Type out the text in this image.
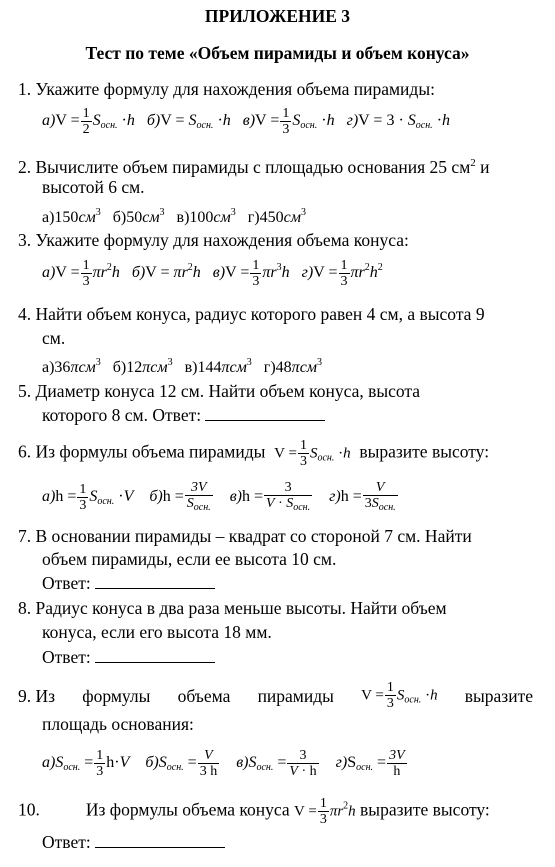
ПРИЛОЖЕНИЕ 3
Тест по теме «Объем пирамиды и объем конуса»
1. Укажите формулу для нахождения объема пирамиды:
$а)V = \frac{1}{2} S_{осн.} \cdot h$ $б)V = S_{осн.} \cdot h$ $в)V = \frac{1}{3} S_{осн.} \cdot h$ $г)V = 3 \cdot S_{осн.} \cdot h$
2. Вычислите объем пирамиды с площадью основания 25 $см^2$ и
высотой 6 см.
$а)150см^3$ $б)50см^3$ $в)100см^3$ $г)450см^3$
3. Укажите формулу для нахождения объема конуса:
$а)V = \frac{1}{3} \pi r^2h$ $б)V = \pi r^2h$ $в)V = \frac{1}{3} \pi r^3h$ $г)V = \frac{1}{3} \pi r^2h^2$
4. Найти объем конуса, радиус которого равен 4 см, а высота 9
см.
а)36πсм$^3$ б)12πсм$^3$ в)144πсм$^3$ г)48πсм$^3$
5. Диаметр конуса 12 см. Найти объем конуса, высота
которого 8 см. Ответ:
6. Из формулы объема пирамиды $V = \frac{1}{3} S_{осн.} \cdot h$ выразите высоту:
$а)h = \frac{1}{3} S_{осн.} \cdot V$ б)h =
3V
$S_{осн.}$
в)h =
3
$V \cdot S_{осн.}$
г)h =
V
$3S_{осн.}$
7. В основании пирамиды – квадрат со стороной 7 см. Найти
объем пирамиды, если ее высота 10 см.
Ответ:
8. Радиус конуса в два раза меньше высоты. Найти объем
конуса, если его высота 18 мм.
Ответ:
9. Из формулы объема пирамиды $V = \frac{1}{3} S_{осн.} \cdot h$ выразите
площадь основания:
$а)S_{осн.} = \frac{1}{3} h\cdot V$ $б)S_{осн.} = \frac{V}{3 h} в)S_{осн.} = \frac{3}{V \cdot h} г)S_{осн.} = \frac{3V}{h}$
10.	Из формулы объема конуса $V = \frac{1}{3} \pi r^2h$ выразите высоту:
Ответ:
